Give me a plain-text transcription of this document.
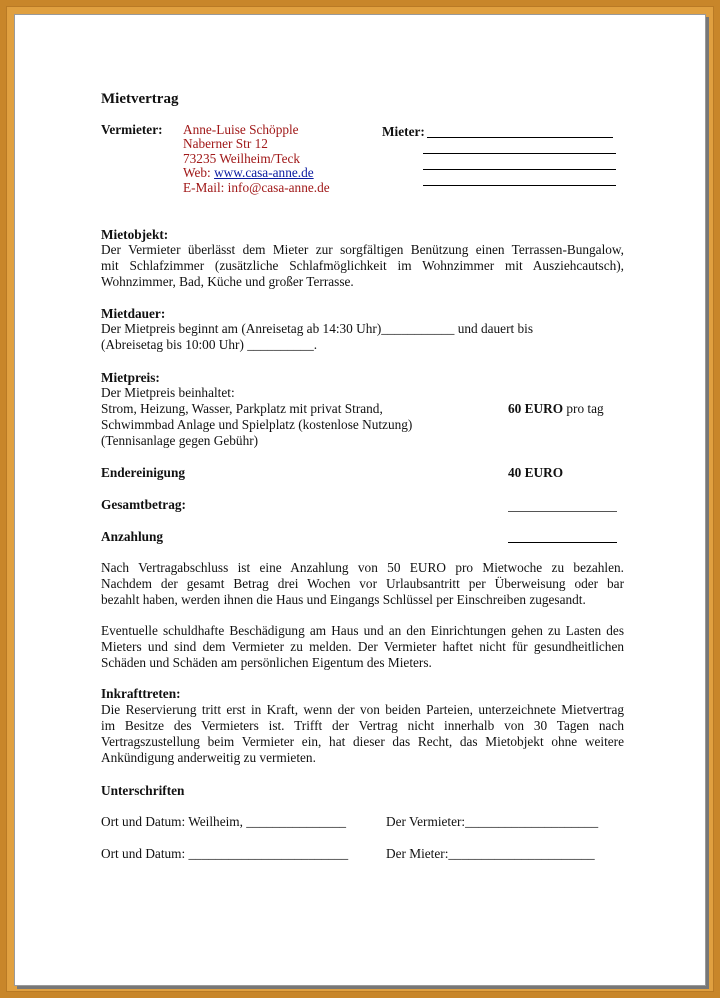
Mietvertrag
Vermieter: Anne-Luise Schöpple
Naberner Str 12
73235 Weilheim/Teck
Web: www.casa-anne.de
E-Mail: info@casa-anne.de
Mieter:
Mietobjekt:
Der Vermieter überlässt dem Mieter zur sorgfältigen Benützung einen Terrassen-Bungalow,
mit Schlafzimmer (zusätzliche Schlafmöglichkeit im Wohnzimmer mit Ausziehcautsch),
Wohnzimmer, Bad, Küche und großer Terrasse.
Mietdauer:
Der Mietpreis beginnt am (Anreisetag ab 14:30 Uhr)___________ und dauert bis
(Abreisetag bis 10:00 Uhr) __________.
Mietpreis:
Der Mietpreis beinhaltet:
Strom, Heizung, Wasser, Parkplatz mit privat Strand,
Schwimmbad Anlage und Spielplatz (kostenlose Nutzung)
(Tennisanlage gegen Gebühr)
60 EURO pro tag
Endereinigung	40 EURO
Gesamtbetrag:
Anzahlung
Nach Vertragabschluss ist eine Anzahlung von 50 EURO pro Mietwoche zu bezahlen.
Nachdem der gesamt Betrag drei Wochen vor Urlaubsantritt per Überweisung oder bar
bezahlt haben, werden ihnen die Haus und Eingangs Schlüssel per Einschreiben zugesandt.
Eventuelle schuldhafte Beschädigung am Haus und an den Einrichtungen gehen zu Lasten des
Mieters und sind dem Vermieter zu melden. Der Vermieter haftet nicht für gesundheitlichen
Schäden und Schäden am persönlichen Eigentum des Mieters.
Inkrafttreten:
Die Reservierung tritt erst in Kraft, wenn der von beiden Parteien, unterzeichnete Mietvertrag
im Besitze des Vermieters ist. Trifft der Vertrag nicht innerhalb von 30 Tagen nach
Vertragszustellung beim Vermieter ein, hat dieser das Recht, das Mietobjekt ohne weitere
Ankündigung anderweitig zu vermieten.
Unterschriften
Ort und Datum: Weilheim, _______________	Der Vermieter:____________________
Ort und Datum: ________________________	Der Mieter:______________________
